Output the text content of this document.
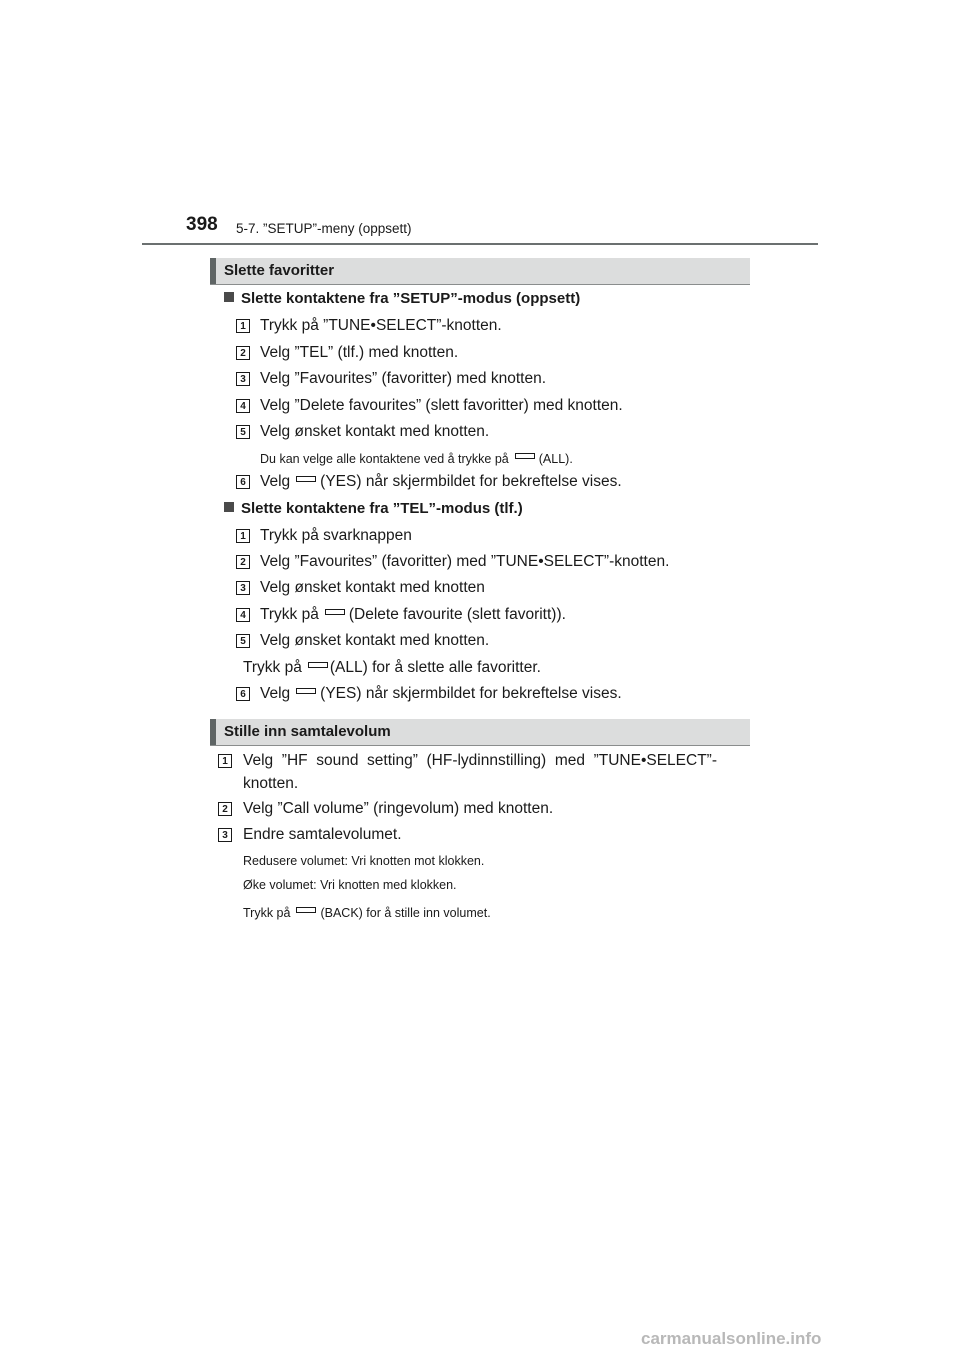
398 5-7. ”SETUP”-meny (oppsett)
Slette favoritter
Slette kontaktene fra ”SETUP”-modus (oppsett)
1 Trykk på ”TUNE•SELECT”-knotten.
2 Velg ”TEL” (tlf.) med knotten.
3 Velg ”Favourites” (favoritter) med knotten.
4 Velg ”Delete favourites” (slett favoritter) med knotten.
5 Velg ønsket kontakt med knotten.
Du kan velge alle kontaktene ved å trykke på (ALL).
6 Velg (YES) når skjermbildet for bekreftelse vises.
Slette kontaktene fra ”TEL”-modus (tlf.)
1 Trykk på svarknappen
2 Velg ”Favourites” (favoritter) med ”TUNE•SELECT”-knotten.
3 Velg ønsket kontakt med knotten
4 Trykk på (Delete favourite (slett favoritt)).
5 Velg ønsket kontakt med knotten.
Trykk på (ALL) for å slette alle favoritter.
6 Velg (YES) når skjermbildet for bekreftelse vises.
Stille inn samtalevolum
1 Velg  ”HF  sound  setting”  (HF-lydinnstilling)  med  ”TUNE•SELECT”-
knotten.
2 Velg ”Call volume” (ringevolum) med knotten.
3 Endre samtalevolumet.
Redusere volumet: Vri knotten mot klokken.
Øke volumet: Vri knotten med klokken.
Trykk på (BACK) for å stille inn volumet.
carmanualsonline.info
